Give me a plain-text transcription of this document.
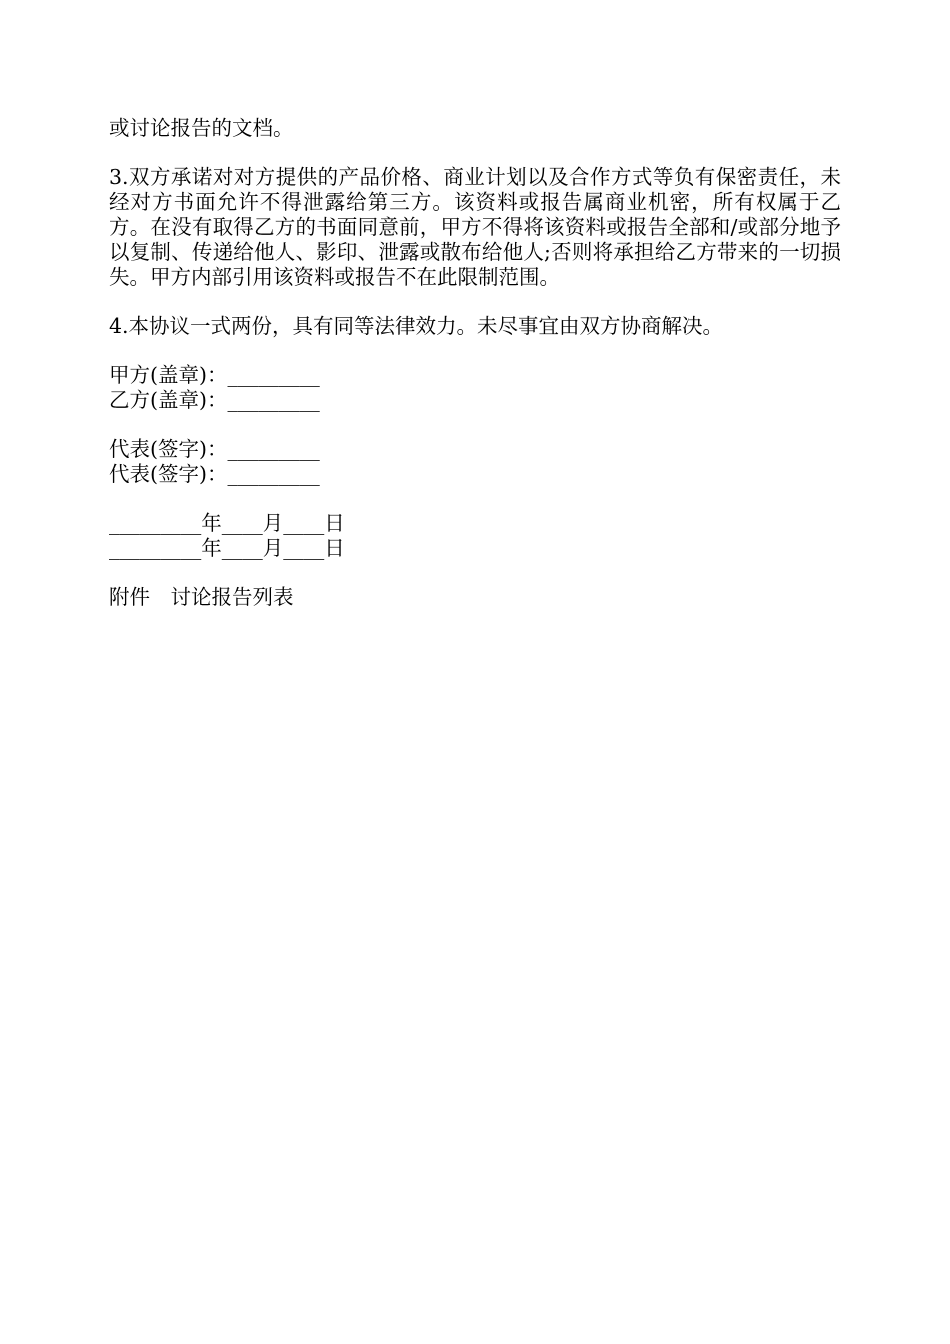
或讨论报告的文档。

3.双方承诺对对方提供的产品价格、商业计划以及合作方式等负有保密责任，未经对方书面允许不得泄露给第三方。该资料或报告属商业机密，所有权属于乙方。在没有取得乙方的书面同意前，甲方不得将该资料或报告全部和/或部分地予以复制、传递给他人、影印、泄露或散布给他人;否则将承担给乙方带来的一切损失。甲方内部引用该资料或报告不在此限制范围。

4.本协议一式两份，具有同等法律效力。未尽事宜由双方协商解决。

甲方(盖章)：_________

乙方(盖章)：_________

代表(签字)：_________

代表(签字)：_________

_________年____月____日

_________年____月____日

附件　讨论报告列表
